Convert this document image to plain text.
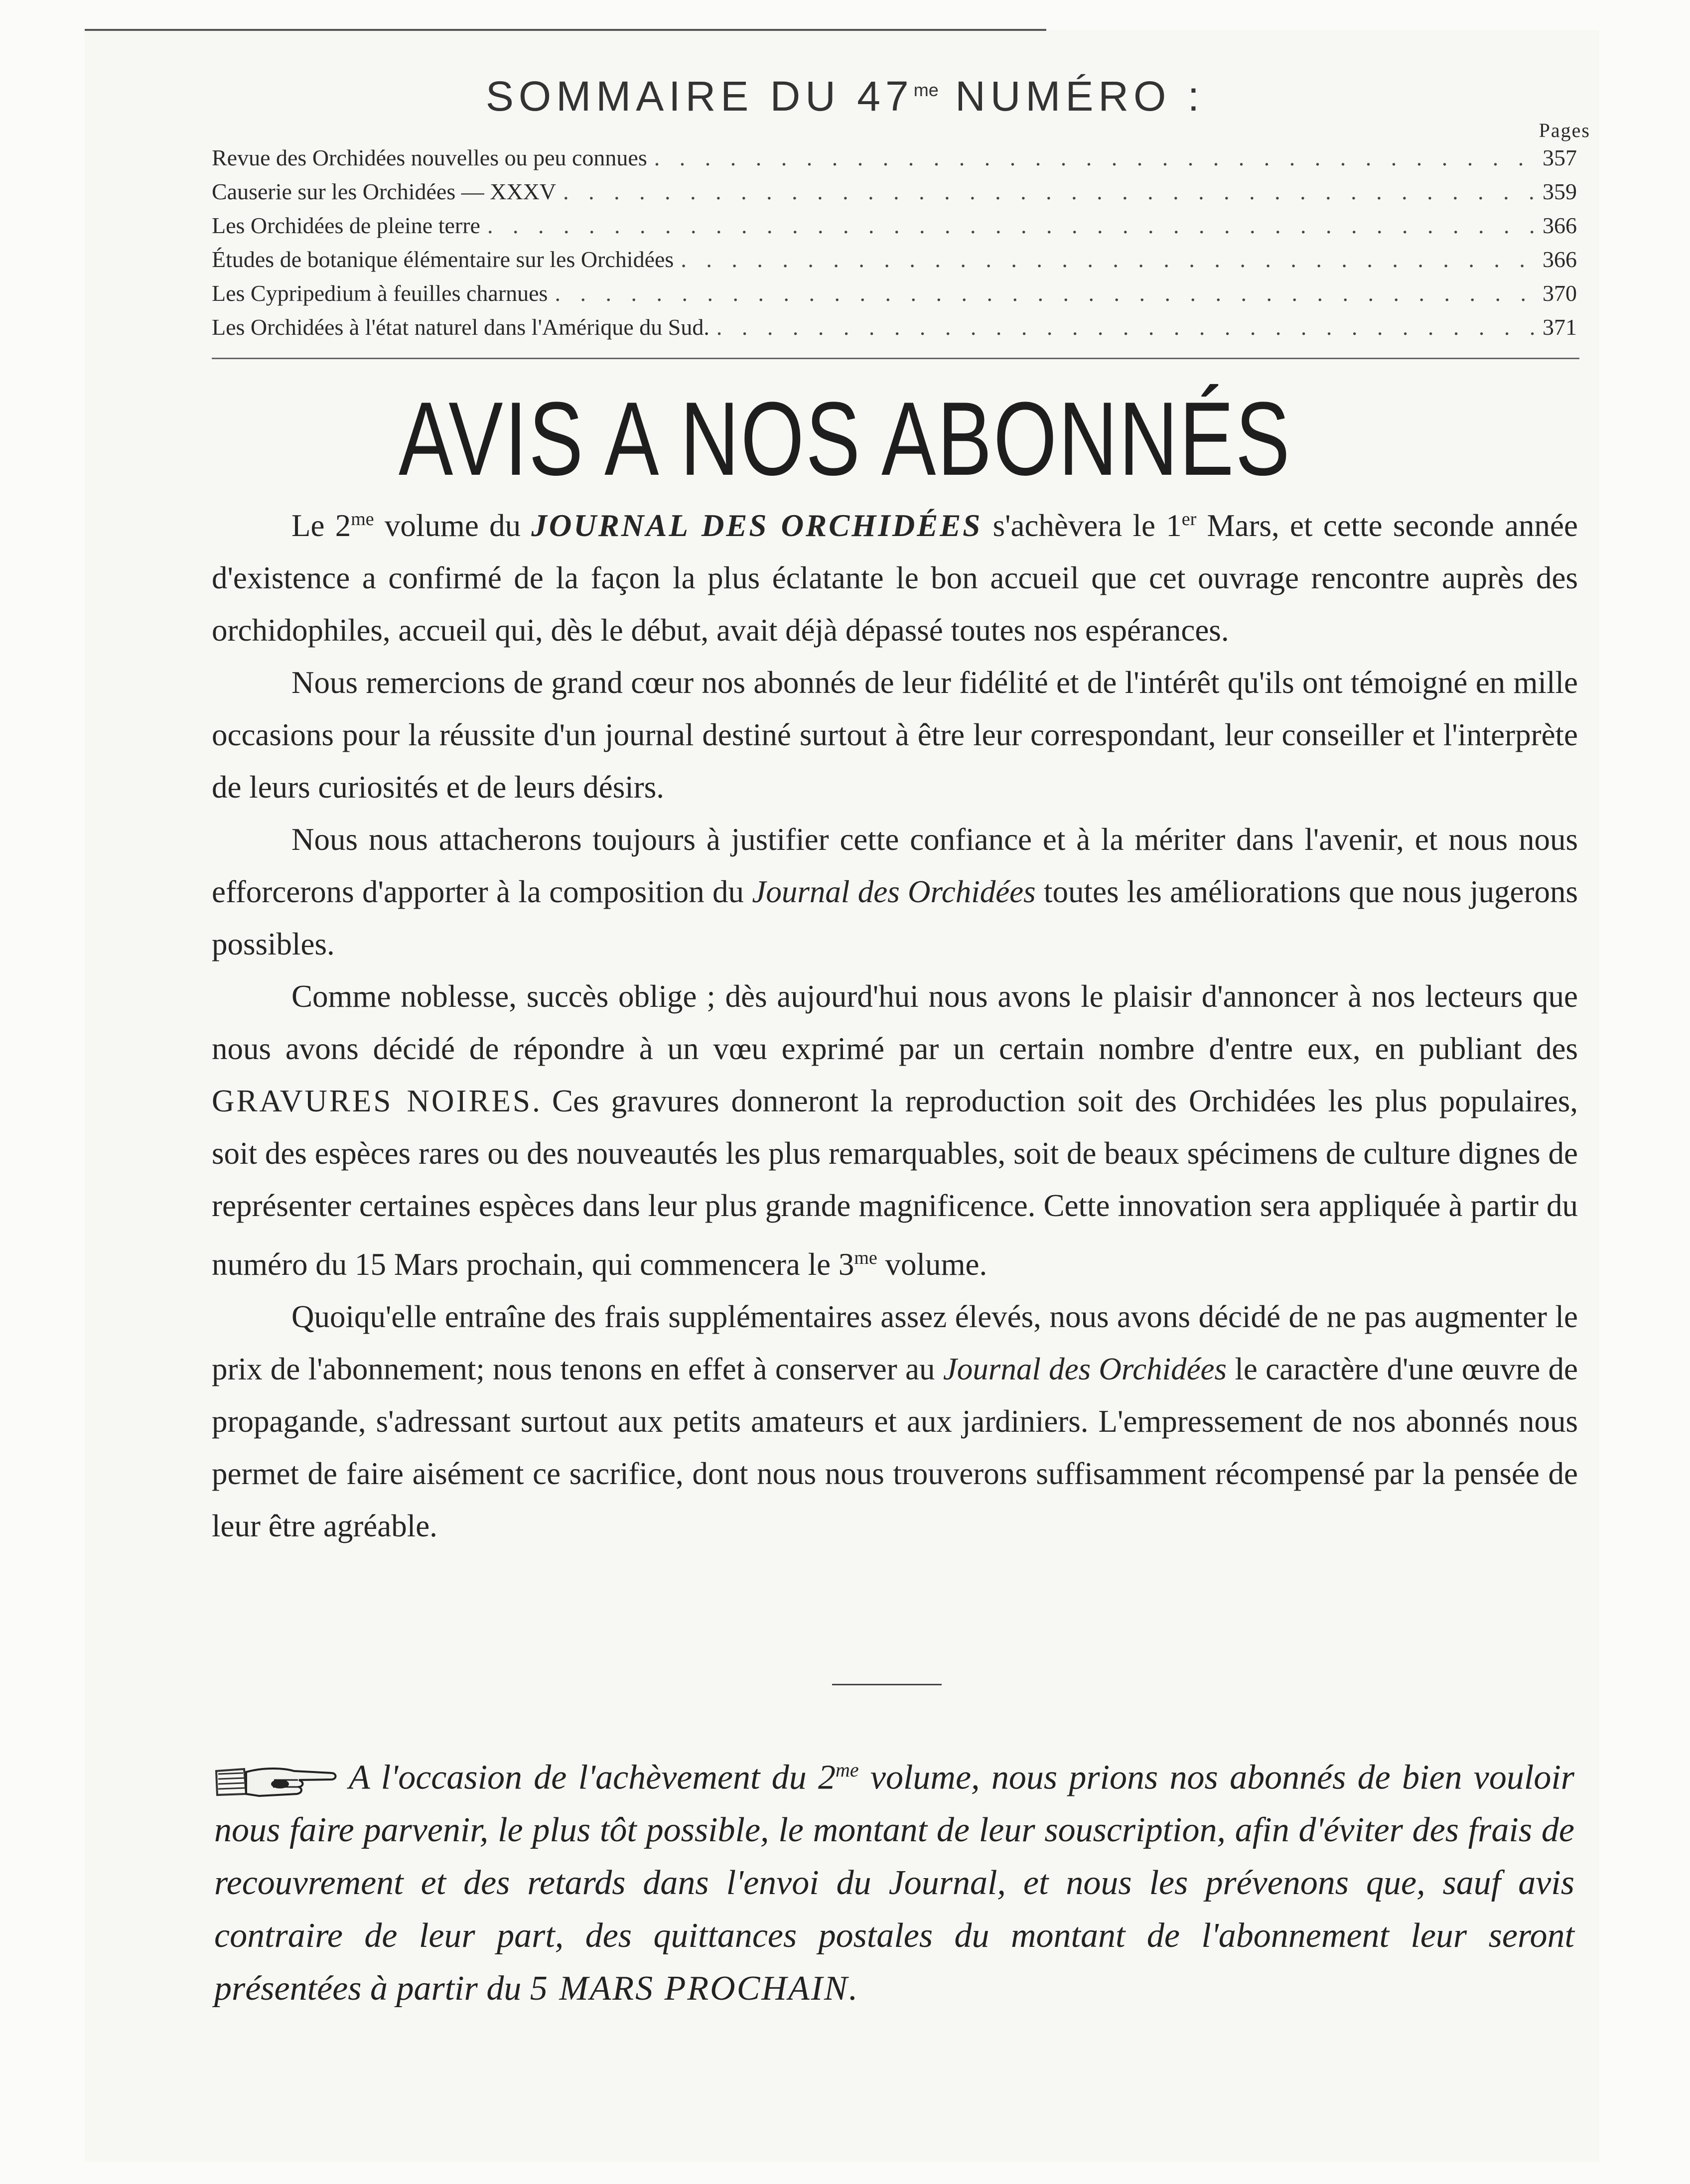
SOMMAIRE DU $47^{me}$ NUMÉRO :
Pages
Revue des Orchidées nouvelles ou peu connues . . .	357
Causerie sur les Orchidées — XXXV . . .	359
Les Orchidées de pleine terre . . .	366
Études de botanique élémentaire sur les Orchidées . . .	366
Les Cypripedium à feuilles charnues . . .	370
Les Orchidées à l'état naturel dans l'Amérique du Sud. . . .	371
AVIS A NOS ABONNÉS

Le $2^{me}$ volume du JOURNAL DES ORCHIDÉES s'achèvera le 1er Mars, et cette seconde année d'existence a confirmé de la façon la plus éclatante le bon accueil que cet ouvrage rencontre auprès des orchidophiles, accueil qui, dès le début, avait déjà dépassé toutes nos espérances.

Nous remercions de grand cœur nos abonnés de leur fidélité et de l'intérêt qu'ils ont témoigné en mille occasions pour la réussite d'un journal destiné surtout à être leur correspondant, leur conseiller et l'interprète de leurs curiosités et de leurs désirs.

Nous nous attacherons toujours à justifier cette confiance et à la mériter dans l'avenir, et nous nous efforcerons d'apporter à la composition du Journal des Orchidées toutes les améliorations que nous jugerons possibles.

Comme noblesse, succès oblige ; dès aujourd'hui nous avons le plaisir d'annoncer à nos lecteurs que nous avons décidé de répondre à un vœu exprimé par un certain nombre d'entre eux, en publiant des GRAVURES NOIRES. Ces gravures donneront la reproduction soit des Orchidées les plus populaires, soit des espèces rares ou des nouveautés les plus remarquables, soit de beaux spécimens de culture dignes de représenter certaines espèces dans leur plus grande magnificence. Cette innovation sera appliquée à partir du numéro du 15 Mars prochain, qui commencera le $3^{me}$ volume.

Quoiqu'elle entraîne des frais supplémentaires assez élevés, nous avons décidé de ne pas augmenter le prix de l'abonnement; nous tenons en effet à conserver au Journal des Orchidées le caractère d'une œuvre de propagande, s'adressant surtout aux petits amateurs et aux jardiniers. L'empressement de nos abonnés nous permet de faire aisément ce sacrifice, dont nous nous trouverons suffisamment récompensé par la pensée de leur être agréable.

A l'occasion de l'achèvement du $2^{me}$ volume, nous prions nos abonnés de bien vouloir nous faire parvenir, le plus tôt possible, le montant de leur souscription, afin d'éviter des frais de recouvrement et des retards dans l'envoi du Journal, et nous les prévenons que, sauf avis contraire de leur part, des quittances postales du montant de l'abonnement leur seront présentées à partir du 5 MARS PROCHAIN.
